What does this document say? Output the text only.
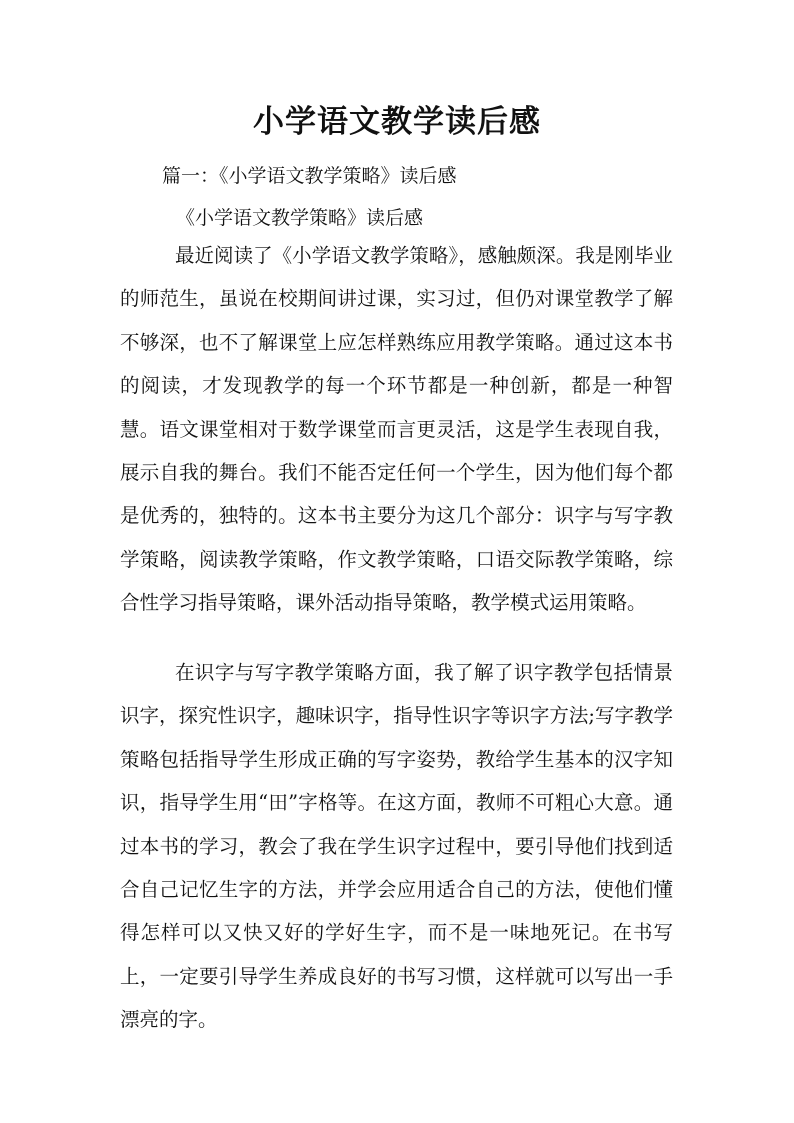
小学语文教学读后感
篇一：《小学语文教学策略》读后感
《小学语文教学策略》读后感

最近阅读了《小学语文教学策略》，感触颇深。我是刚毕业的师范生，虽说在校期间讲过课，实习过，但仍对课堂教学了解不够深，也不了解课堂上应怎样熟练应用教学策略。通过这本书的阅读，才发现教学的每一个环节都是一种创新，都是一种智慧。语文课堂相对于数学课堂而言更灵活，这是学生表现自我，展示自我的舞台。我们不能否定任何一个学生，因为他们每个都是优秀的，独特的。这本书主要分为这几个部分：识字与写字教学策略，阅读教学策略，作文教学策略，口语交际教学策略，综合性学习指导策略，课外活动指导策略，教学模式运用策略。

在识字与写字教学策略方面，我了解了识字教学包括情景识字，探究性识字，趣味识字，指导性识字等识字方法;写字教学策略包括指导学生形成正确的写字姿势，教给学生基本的汉字知识，指导学生用“田”字格等。在这方面，教师不可粗心大意。通过本书的学习，教会了我在学生识字过程中，要引导他们找到适合自己记忆生字的方法，并学会应用适合自己的方法，使他们懂得怎样可以又快又好的学好生字，而不是一味地死记。在书写上，一定要引导学生养成良好的书写习惯，这样就可以写出一手漂亮的字。
